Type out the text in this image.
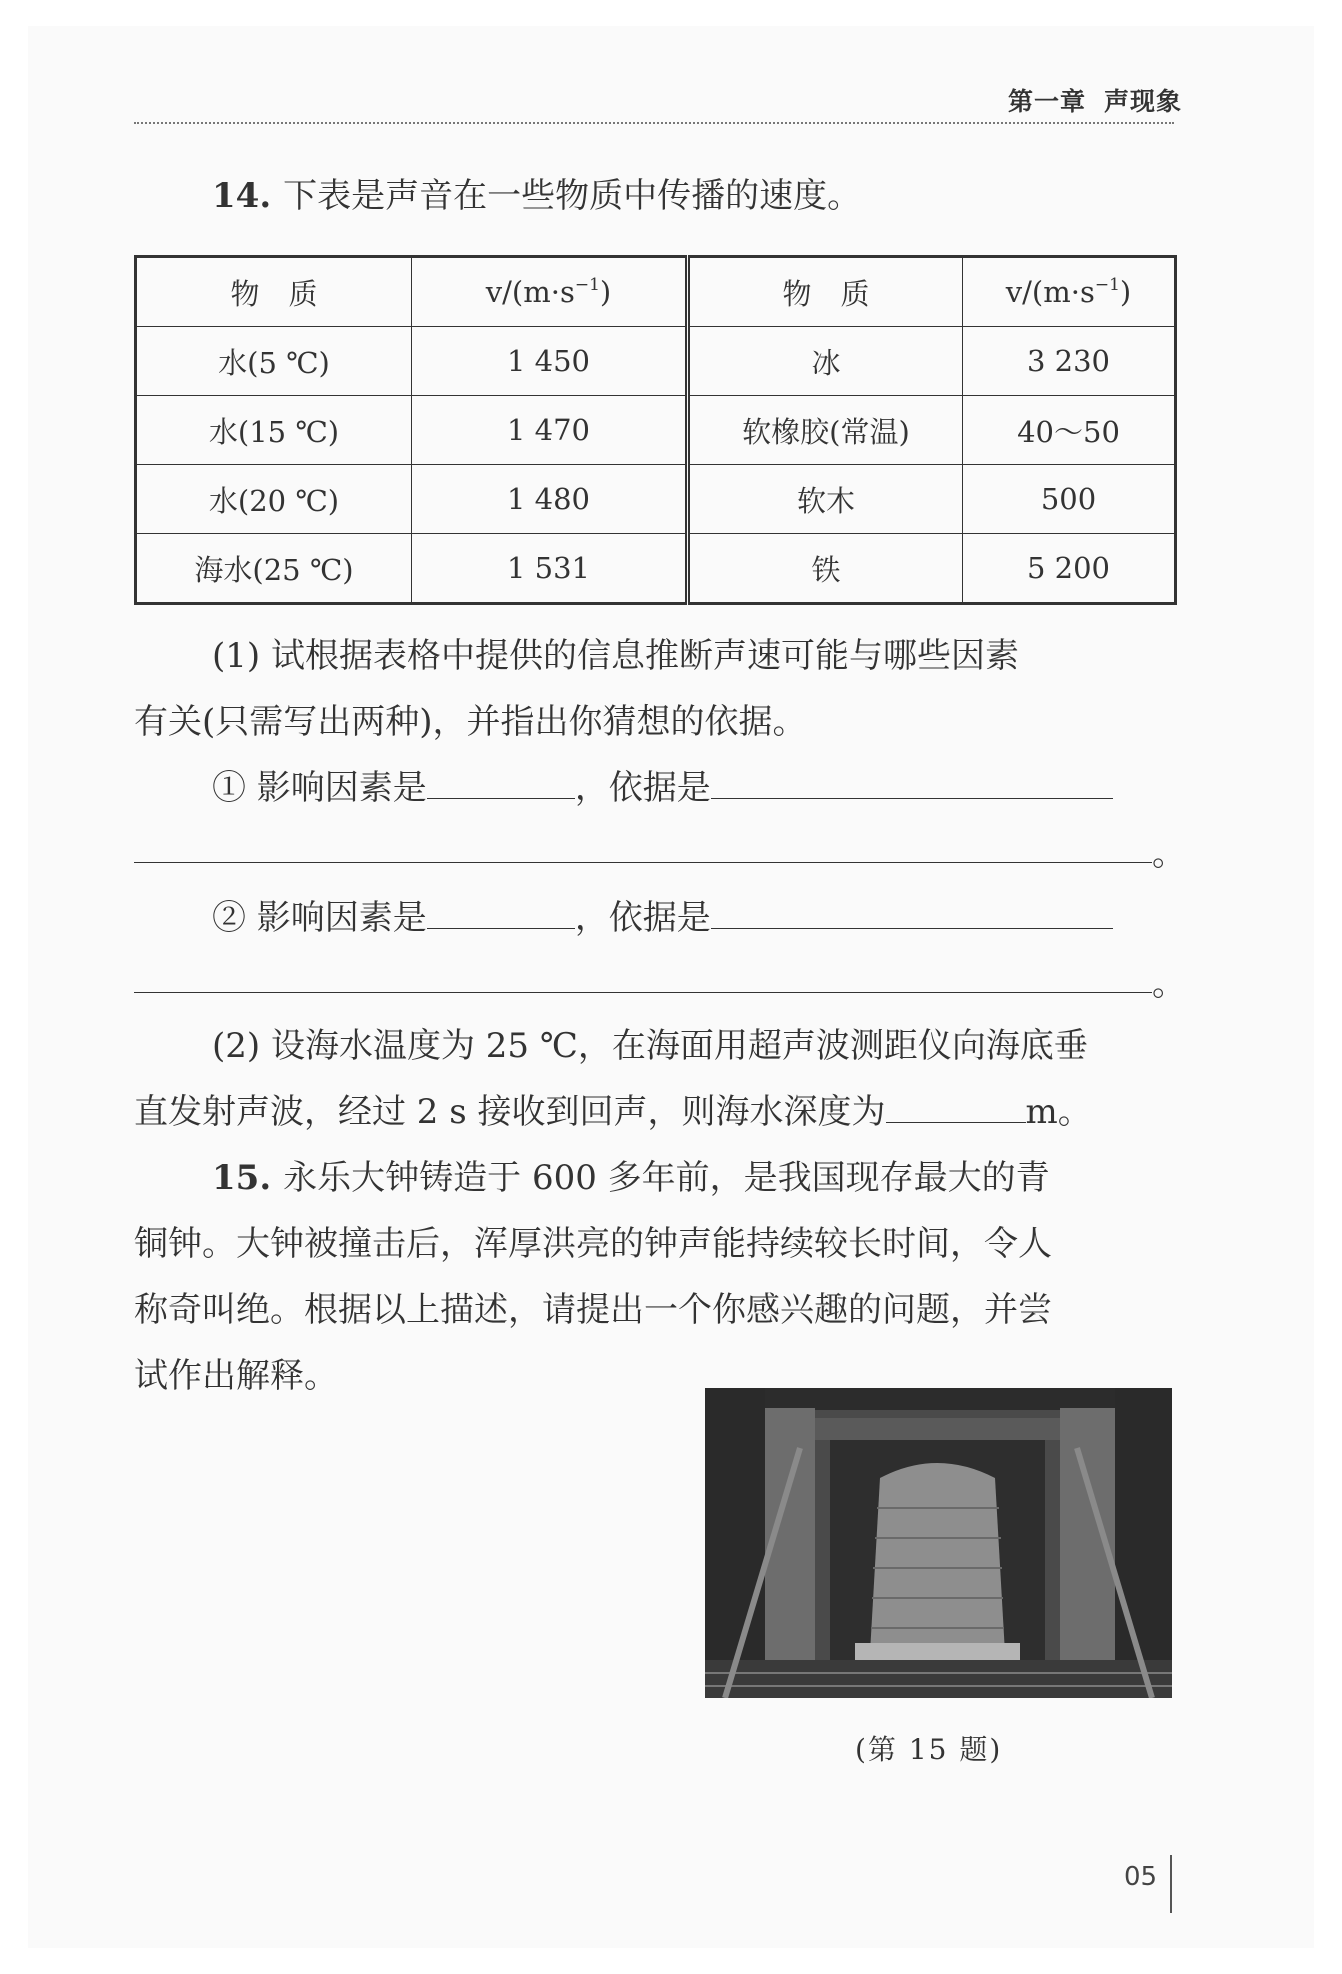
第一章 声现象
14. 下表是声音在一些物质中传播的速度。
物　质	$v/(m\cdot s^{-1})$	物　质	$v/(m\cdot s^{-1})$
水(5 ℃)	1 450	冰	3 230
水(15 ℃)	1 470	软橡胶(常温)	40～50
水(20 ℃)	1 480	软木	500
海水(25 ℃)	1 531	铁	5 200
(1) 试根据表格中提供的信息推断声速可能与哪些因素
有关(只需写出两种)，并指出你猜想的依据。
① 影响因素是	，依据是
。
② 影响因素是	，依据是
。
(2) 设海水温度为 25 ℃，在海面用超声波测距仪向海底垂
直发射声波，经过 2 s 接收到回声，则海水深度为	m。
15. 永乐大钟铸造于 600 多年前，是我国现存最大的青
铜钟。大钟被撞击后，浑厚洪亮的钟声能持续较长时间，令人
称奇叫绝。根据以上描述，请提出一个你感兴趣的问题，并尝
试作出解释。
(第 15 题)
05
